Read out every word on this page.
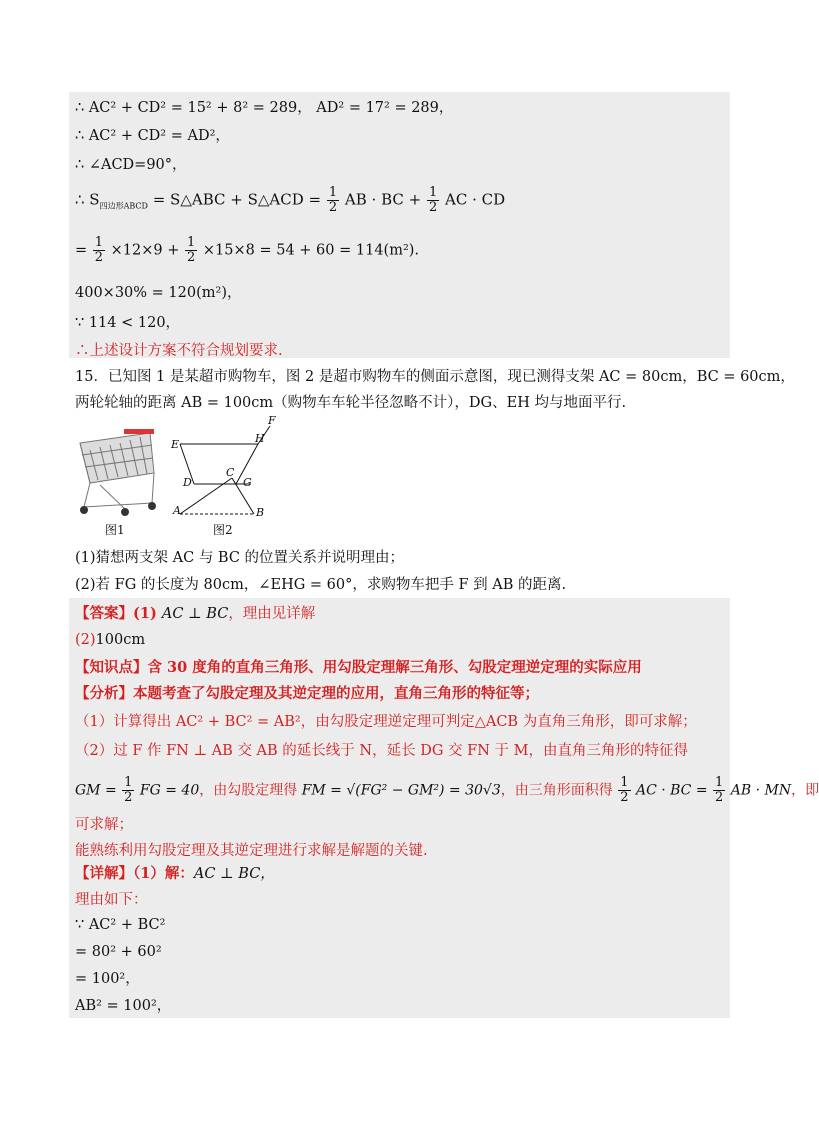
∴ AC² + CD² = 15² + 8² = 289， AD² = 17² = 289，
∴ AC² + CD² = AD²，
∴ ∠ACD=90°，
∴ $S_{四边形ABCD}$ = S△ABC + S△ACD = $\frac{1}{2}$ AB · BC + $\frac{1}{2}$ AC · CD
= $\frac{1}{2} \times 12\times 9 + \frac{1}{2} \times 15\times 8 = 54 + 60 = 114(m^2)$.
400×30% = 120(m²)，
∵ 114 < 120，
∴上述设计方案不符合规划要求.
15．已知图 1 是某超市购物车，图 2 是超市购物车的侧面示意图，现已测得支架 AC = 80cm，BC = 60cm，
两轮轮轴的距离 AB = 100cm（购物车车轮半径忽略不计），DG、EH 均与地面平行.
图1
F
E	H
C
D	G
A	B
图2
(1)猜想两支架 AC 与 BC 的位置关系并说明理由；
(2)若 FG 的长度为 80cm，∠EHG = 60°，求购物车把手 F 到 AB 的距离.
【答案】(1) AC ⊥ BC，理由见详解
(2)100cm
【知识点】含 30 度角的直角三角形、用勾股定理解三角形、勾股定理逆定理的实际应用
【分析】本题考查了勾股定理及其逆定理的应用，直角三角形的特征等；
（1）计算得出 AC² + BC² = AB²，由勾股定理逆定理可判定△ACB 为直角三角形，即可求解；
（2）过 F 作 FN ⊥ AB 交 AB 的延长线于 N，延长 DG 交 FN 于 M，由直角三角形的特征得
GM = $\frac{1}{2}$ FG = 40，由勾股定理得 FM = √(FG² − GM²) = 30√3，由三角形面积得 $\frac{1}{2}$ AC · BC = $\frac{1}{2}$ AB · MN，即
可求解；
能熟练利用勾股定理及其逆定理进行求解是解题的关键.
【详解】（1）解：AC ⊥ BC，
理由如下：
∵ AC² + BC²
= 80² + 60²
= 100²，
AB² = 100²，
